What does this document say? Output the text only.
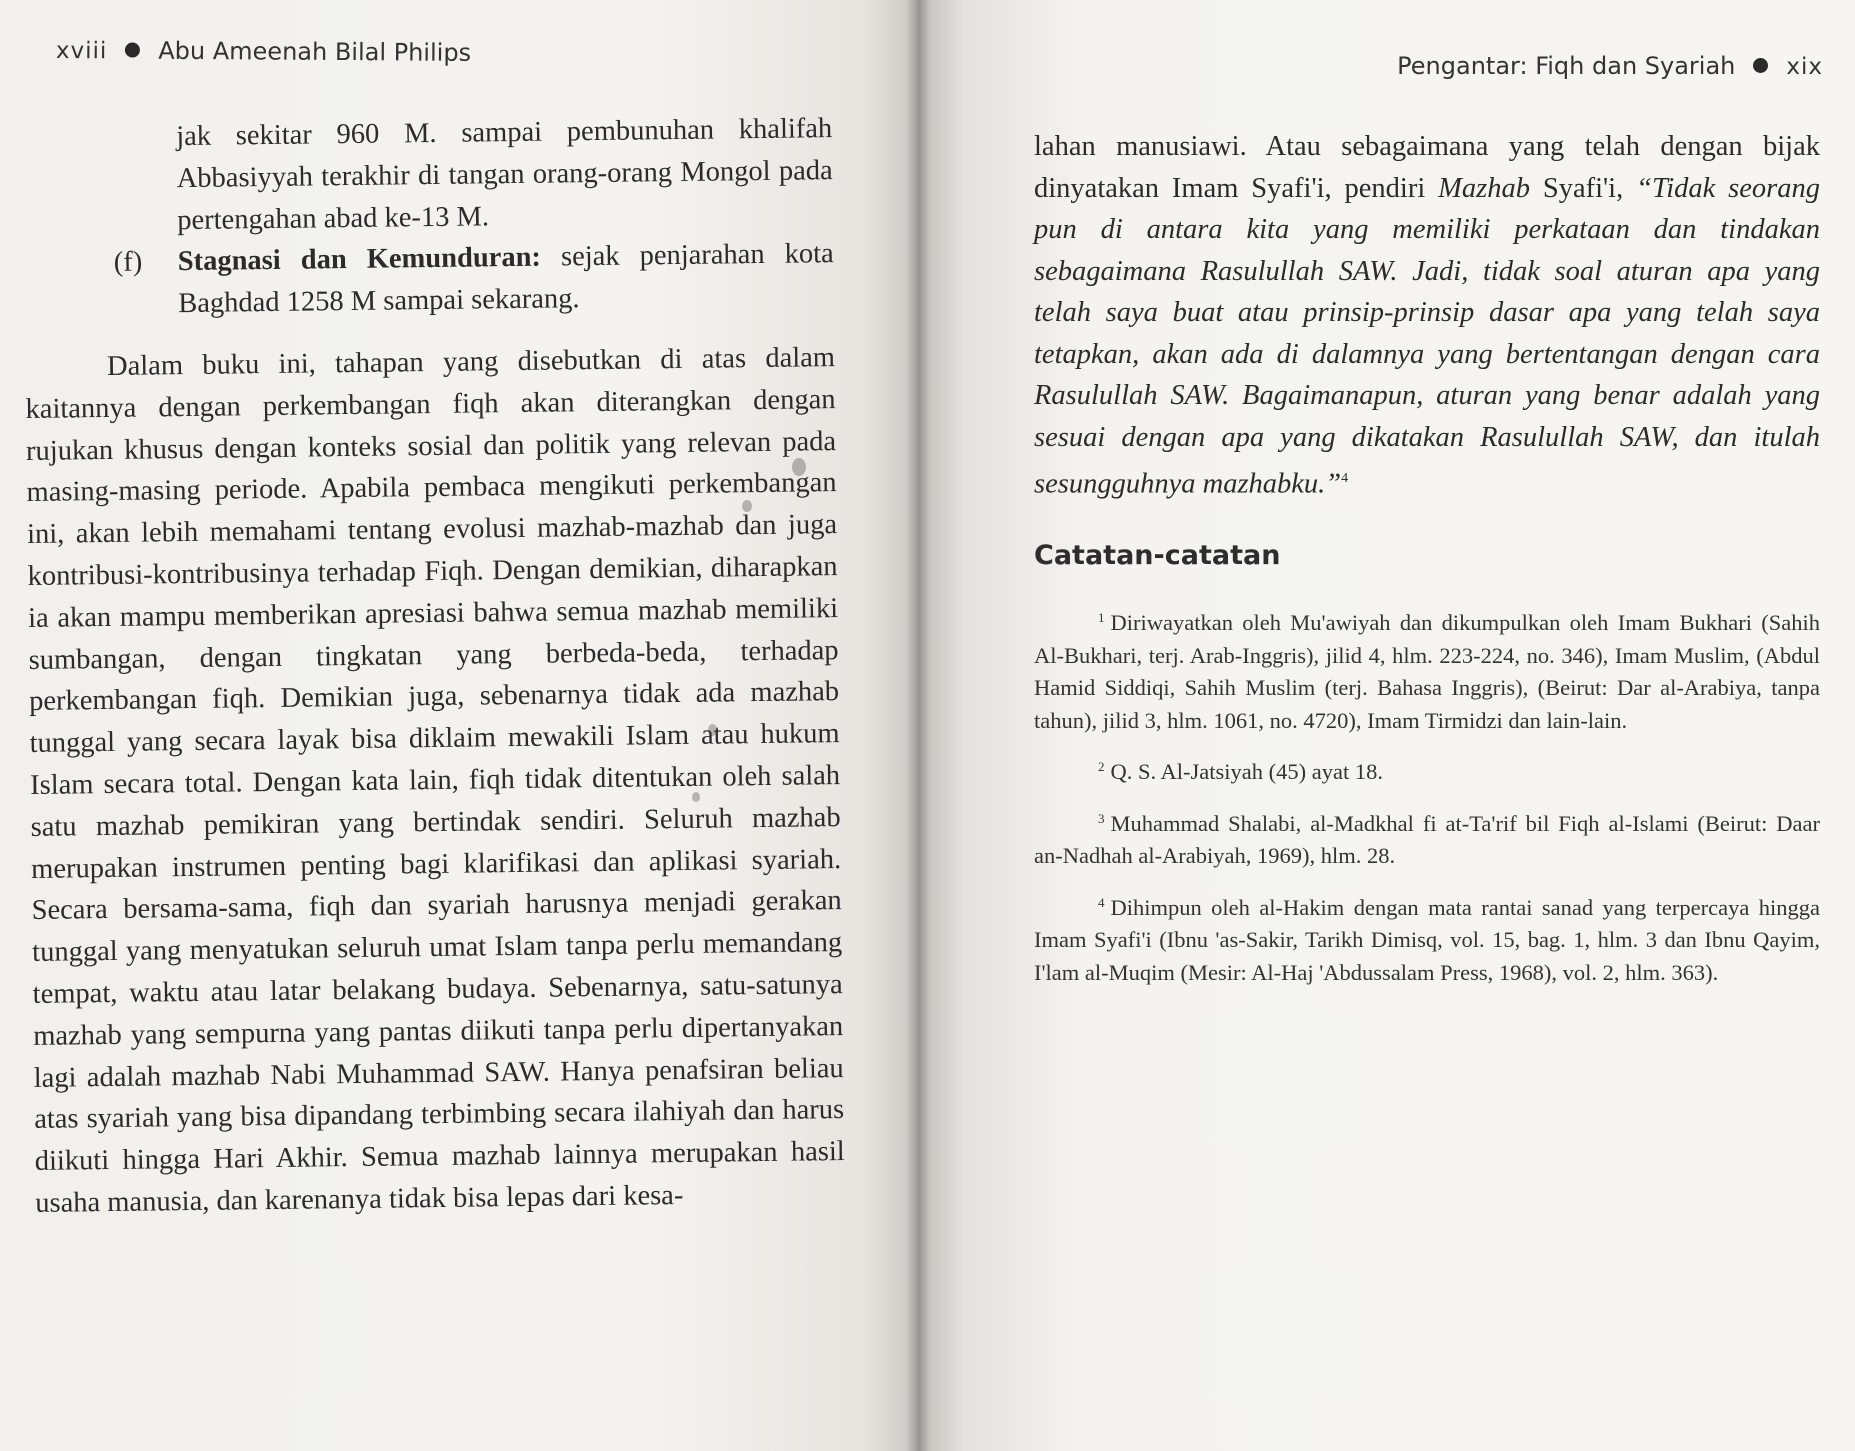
xviii Abu Ameenah Bilal Philips
jak sekitar 960 M. sampai pembunuhan khalifah Abbasiyyah terakhir di tangan orang-orang Mongol pada pertengahan abad ke-13 M.
(f) Stagnasi dan Kemunduran: sejak penjarahan kota Baghdad 1258 M sampai sekarang.

Dalam buku ini, tahapan yang disebutkan di atas dalam kaitannya dengan perkembangan fiqh akan diterangkan dengan rujukan khusus dengan konteks sosial dan politik yang relevan pada masing-masing periode. Apabila pembaca mengikuti perkembangan ini, akan lebih memahami tentang evolusi mazhab-mazhab dan juga kontribusi-kontribusinya terhadap Fiqh. Dengan demikian, diharapkan ia akan mampu memberikan apresiasi bahwa semua mazhab memiliki sumbangan, dengan tingkatan yang berbeda-beda, terhadap perkembangan fiqh. Demikian juga, sebenarnya tidak ada mazhab tunggal yang secara layak bisa diklaim mewakili Islam atau hukum Islam secara total. Dengan kata lain, fiqh tidak ditentukan oleh salah satu mazhab pemikiran yang bertindak sendiri. Seluruh mazhab merupakan instrumen penting bagi klarifikasi dan aplikasi syariah. Secara bersama-sama, fiqh dan syariah harusnya menjadi gerakan tunggal yang menyatukan seluruh umat Islam tanpa perlu memandang tempat, waktu atau latar belakang budaya. Sebenarnya, satu-satunya mazhab yang sempurna yang pantas diikuti tanpa perlu dipertanyakan lagi adalah mazhab Nabi Muhammad SAW. Hanya penafsiran beliau atas syariah yang bisa dipandang terbimbing secara ilahiyah dan harus diikuti hingga Hari Akhir. Semua mazhab lainnya merupakan hasil usaha manusia, dan karenanya tidak bisa lepas dari kesa-

Pengantar: Fiqh dan Syariah xix
lahan manusiawi. Atau sebagaimana yang telah dengan bijak dinyatakan Imam Syafi'i, pendiri Mazhab Syafi'i, “Tidak seorang pun di antara kita yang memiliki perkataan dan tindakan sebagaimana Rasulullah SAW. Jadi, tidak soal aturan apa yang telah saya buat atau prinsip-prinsip dasar apa yang telah saya tetapkan, akan ada di dalamnya yang bertentangan dengan cara Rasulullah SAW. Bagaimanapun, aturan yang benar adalah yang sesuai dengan apa yang dikatakan Rasulullah SAW, dan itulah sesungguhnya mazhabku.”$^4$
Catatan-catatan

$^1$ Diriwayatkan oleh Mu'awiyah dan dikumpulkan oleh Imam Bukhari (Sahih Al-Bukhari, terj. Arab-Inggris), jilid 4, hlm. 223-224, no. 346), Imam Muslim, (Abdul Hamid Siddiqi, Sahih Muslim (terj. Bahasa Inggris), (Beirut: Dar al-Arabiya, tanpa tahun), jilid 3, hlm. 1061, no. 4720), Imam Tirmidzi dan lain-lain.

$^2$ Q. S. Al-Jatsiyah (45) ayat 18.

$^3$ Muhammad Shalabi, al-Madkhal fi at-Ta'rif bil Fiqh al-Islami (Beirut: Daar an-Nadhah al-Arabiyah, 1969), hlm. 28.

$^4$ Dihimpun oleh al-Hakim dengan mata rantai sanad yang terpercaya hingga Imam Syafi'i (Ibnu 'as-Sakir, Tarikh Dimisq, vol. 15, bag. 1, hlm. 3 dan Ibnu Qayim, I'lam al-Muqim (Mesir: Al-Haj 'Abdussalam Press, 1968), vol. 2, hlm. 363).
